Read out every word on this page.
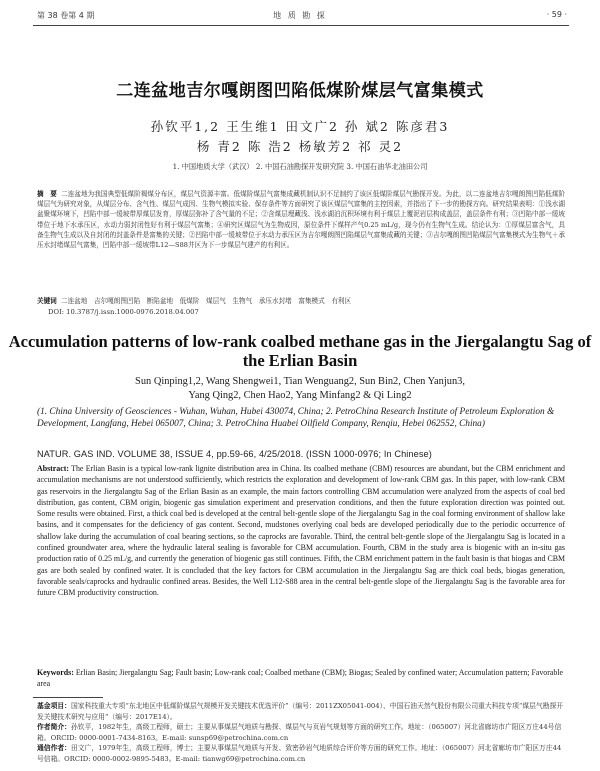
第 38 卷第 4 期	地 质 勘 探	· 59 ·
二连盆地吉尔嘎朗图凹陷低煤阶煤层气富集模式
孙钦平1,2 王生维1 田文广2 孙 斌2 陈彦君3
杨 青2 陈 浩2 杨敏芳2 祁 灵2
1. 中国地质大学（武汉） 2. 中国石油勘探开发研究院 3. 中国石油华北油田公司
摘　要 二连盆地为我国典型低煤阶褐煤分布区，煤层气资源丰富。低煤阶煤层气富集成藏机制认识不足制约了该区低煤阶煤层气勘探开发。为此，以二连盆地吉尔嘎朗图凹陷低煤阶煤层气为研究对象，从煤层分布、含气性、煤层气成因、生物气模拟实验、保存条件等方面研究了该区煤层气富集的主控因素，并指出了下一步的勘探方向。研究结果表明：①浅水湖盆聚煤环境下，凹陷中部一缓坡带厚煤层发育，厚煤层弥补了含气量的不足；②含煤层埋藏浅、浅水湖泊沉积环境有利于煤层上覆泥岩层构成盖层，盖层条件有利；③凹陷中部一缓坡带位于地下水承压区，水动力弱封闭性好有利于煤层气富集；④研究区煤层气为生物成因，原位条件下煤样产气0.25 mL/g，现今仍有生物气生成。结论认为：①厚煤层富含气，具备生物气生成以及自封闭的封盖条件是富集的关键；②凹陷中部一缓坡带位于水动力承压区为吉尔嘎朗图凹陷煤层气富集成藏的关键；③吉尔嘎朗图凹陷煤层气富集模式为生物气＋承压水封堵煤层气富集，凹陷中部一缓坡带L12—S88井区为下一步煤层气建产的有利区。
关键词 二连盆地　吉尔嘎朗图凹陷　断陷盆地　低煤阶　煤层气　生物气　承压水封堵　富集模式　有利区
DOI: 10.3787/j.issn.1000-0976.2018.04.007
Accumulation patterns of low-rank coalbed methane gas in the Jiergalangtu Sag of the Erlian Basin
Sun Qinping1,2, Wang Shengwei1, Tian Wenguang2, Sun Bin2, Chen Yanjun3,
Yang Qing2, Chen Hao2, Yang Minfang2 & Qi Ling2
(1. China University of Geosciences - Wuhan, Wuhan, Hubei 430074, China; 2. PetroChina Research Institute of Petroleum Exploration & Development, Langfang, Hebei 065007, China; 3. PetroChina Huabei Oilfield Company, Renqiu, Hebei 062552, China)
NATUR. GAS IND. VOLUME 38, ISSUE 4, pp.59-66, 4/25/2018. (ISSN 1000-0976; In Chinese)
Abstract: The Erlian Basin is a typical low-rank lignite distribution area in China. Its coalbed methane (CBM) resources are abundant, but the CBM enrichment and accumulation mechanisms are not understood sufficiently, which restricts the exploration and development of low-rank CBM gas. In this paper, with low-rank CBM gas reservoirs in the Jiergalangtu Sag of the Erlian Basin as an example, the main factors controlling CBM accumulation were analyzed from the aspects of coal bed distribution, gas content, CBM origin, biogenic gas simulation experiment and preservation conditions, and then the future exploration direction was pointed out. Some results were obtained. First, a thick coal bed is developed at the central belt-gentle slope of the Jiergalangtu Sag in the coal forming environment of shallow lake basins, and it compensates for the deficiency of gas content. Second, mudstones overlying coal beds are developed periodically due to the periodic occurrence of shallow lake during the accumulation of coal bearing sections, so the caprocks are favorable. Third, the central belt-gentle slope of the Jiergalangtu Sag is located in a confined groundwater area, where the hydraulic lateral sealing is favorable for CBM accumulation. Fourth, CBM in the study area is biogenic with an in-situ gas production ratio of 0.25 mL/g, and currently the generation of biogenic gas still continues. Fifth, the CBM enrichment pattern in the fault basin is that biogas and CBM gas are both sealed by confined water. It is concluded that the key factors for CBM accumulation in the Jiergalangtu Sag are thick coal beds, biogas generation, favorable seals/caprocks and hydraulic confined areas. Besides, the Well L12-S88 area in the central belt-gentle slope of the Jiergalangtu Sag is the favorable area for future CBM productivity construction.
Keywords: Erlian Basin; Jiergalangtu Sag; Fault basin; Low-rank coal; Coalbed methane (CBM); Biogas; Sealed by confined water; Accumulation pattern; Favorable area
基金项目：国家科技重大专项“东北地区中低煤阶煤层气规模开发关键技术优选评价”（编号：2011ZX05041-004）、中国石油天然气股份有限公司重大科技专项“煤层气勘探开发关键技术研究与应用”（编号：2017E14）。
作者简介：孙钦平，1982年生，高级工程师，硕士；主要从事煤层气地质与勘探、煤层气与页岩气规划等方面的研究工作。地址：（065007）河北省廊坊市广阳区万庄44号信箱。ORCID: 0000-0001-7434-8163。E-mail: sunsp69@petrochina.com.cn
通信作者：田文广，1979年生，高级工程师，博士；主要从事煤层气地质与开发、致密砂岩气地质综合评价等方面的研究工作。地址：（065007）河北省廊坊市广阳区万庄44号信箱。ORCID: 0000-0002-9895-5483。E-mail: tianwg69@petrochina.com.cn
